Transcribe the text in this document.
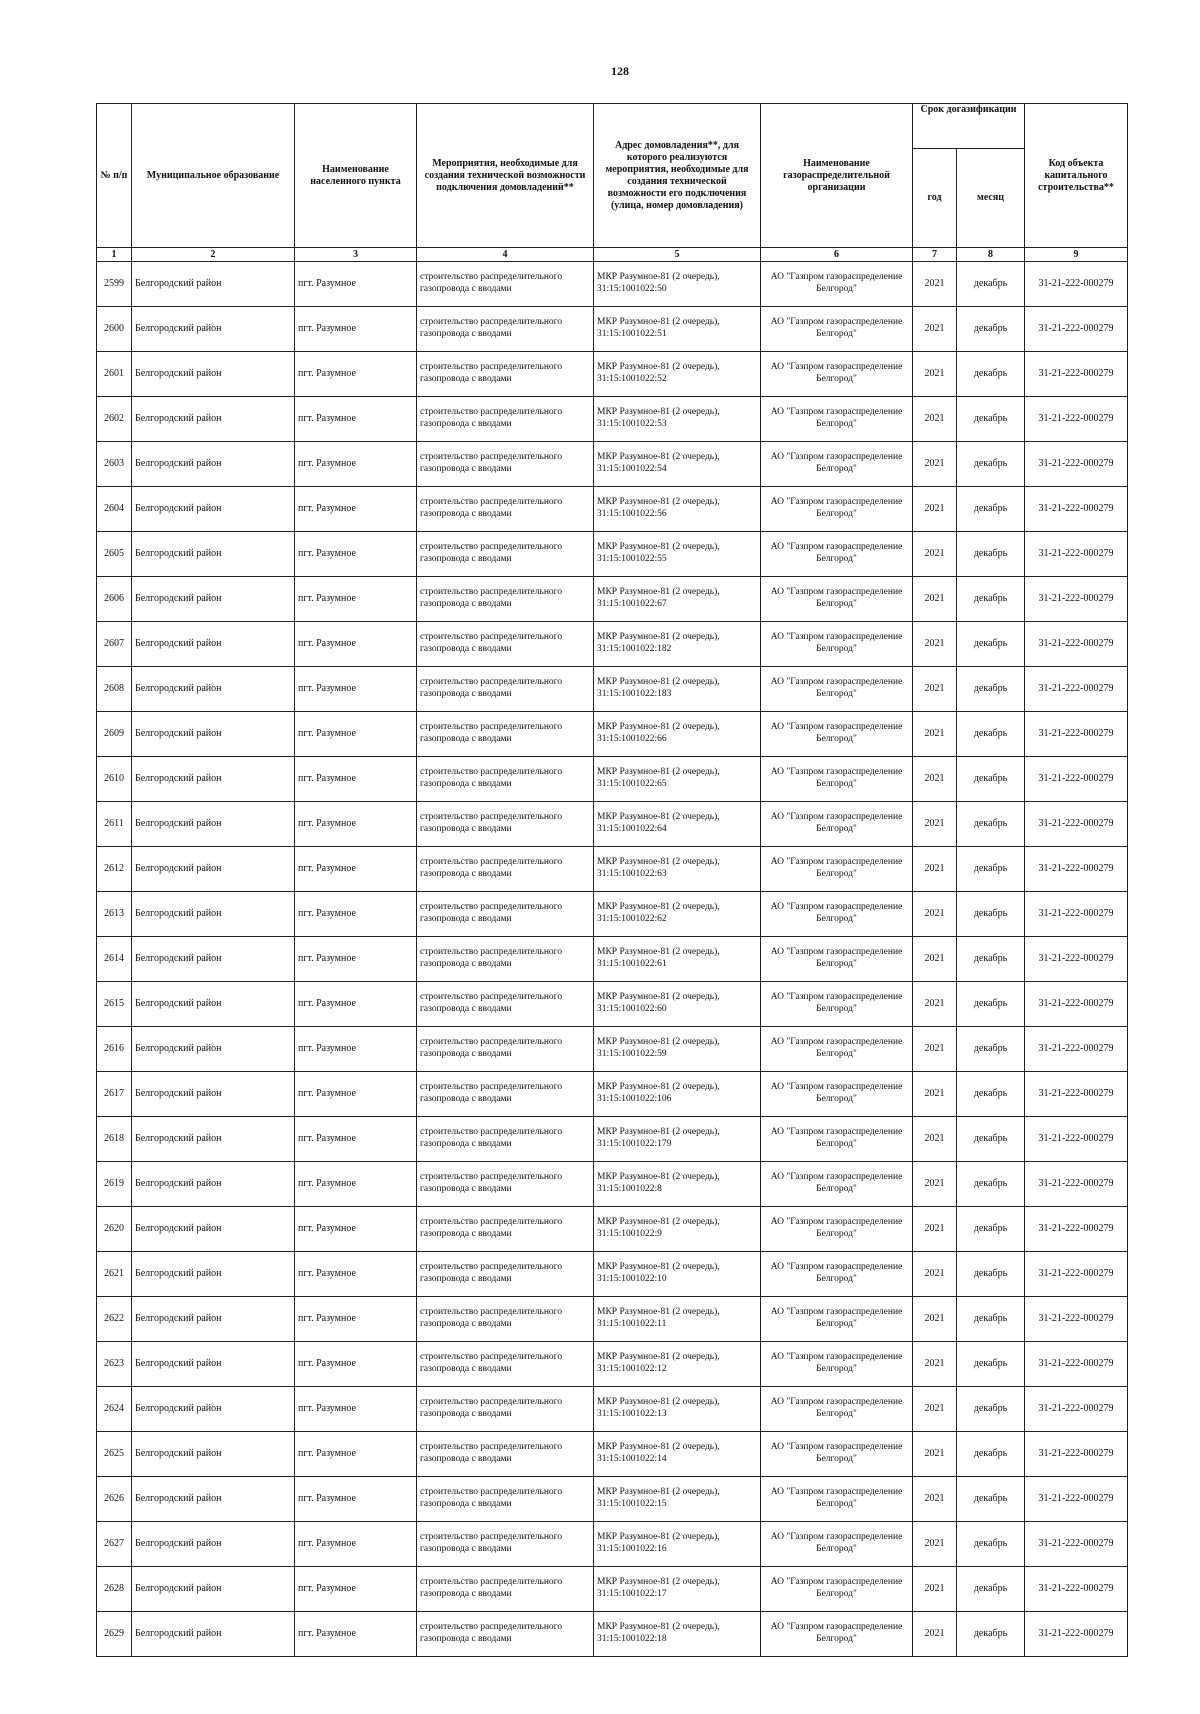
128
№ п/п	Муниципальное образование	Наименование населенного пункта	Мероприятия, необходимые для создания технической возможности подключения домовладений**	Адрес домовладения**, для которого реализуются мероприятия, необходимые для создания технической возможности его подключения (улица, номер домовладения)	Наименование газораспределительной организации	Срок догазификации		Код объекта капитального строительства**
						год	месяц	
1	2	3	4	5	6	7	8	9
2599	Белгородский район	пгт. Разумное	строительство распределительного газопровода с вводами	МКР Разумное-81 (2 очередь), 31:15:1001022:50	АО "Газпром газораспределение Белгород"	2021	декабрь	31-21-222-000279
2600	Белгородский район	пгт. Разумное	строительство распределительного газопровода с вводами	МКР Разумное-81 (2 очередь), 31:15:1001022:51	АО "Газпром газораспределение Белгород"	2021	декабрь	31-21-222-000279
2601	Белгородский район	пгт. Разумное	строительство распределительного газопровода с вводами	МКР Разумное-81 (2 очередь), 31:15:1001022:52	АО "Газпром газораспределение Белгород"	2021	декабрь	31-21-222-000279
2602	Белгородский район	пгт. Разумное	строительство распределительного газопровода с вводами	МКР Разумное-81 (2 очередь), 31:15:1001022:53	АО "Газпром газораспределение Белгород"	2021	декабрь	31-21-222-000279
2603	Белгородский район	пгт. Разумное	строительство распределительного газопровода с вводами	МКР Разумное-81 (2 очередь), 31:15:1001022:54	АО "Газпром газораспределение Белгород"	2021	декабрь	31-21-222-000279
2604	Белгородский район	пгт. Разумное	строительство распределительного газопровода с вводами	МКР Разумное-81 (2 очередь), 31:15:1001022:56	АО "Газпром газораспределение Белгород"	2021	декабрь	31-21-222-000279
2605	Белгородский район	пгт. Разумное	строительство распределительного газопровода с вводами	МКР Разумное-81 (2 очередь), 31:15:1001022:55	АО "Газпром газораспределение Белгород"	2021	декабрь	31-21-222-000279
2606	Белгородский район	пгт. Разумное	строительство распределительного газопровода с вводами	МКР Разумное-81 (2 очередь), 31:15:1001022:67	АО "Газпром газораспределение Белгород"	2021	декабрь	31-21-222-000279
2607	Белгородский район	пгт. Разумное	строительство распределительного газопровода с вводами	МКР Разумное-81 (2 очередь), 31:15:1001022:182	АО "Газпром газораспределение Белгород"	2021	декабрь	31-21-222-000279
2608	Белгородский район	пгт. Разумное	строительство распределительного газопровода с вводами	МКР Разумное-81 (2 очередь), 31:15:1001022:183	АО "Газпром газораспределение Белгород"	2021	декабрь	31-21-222-000279
2609	Белгородский район	пгт. Разумное	строительство распределительного газопровода с вводами	МКР Разумное-81 (2 очередь), 31:15:1001022:66	АО "Газпром газораспределение Белгород"	2021	декабрь	31-21-222-000279
2610	Белгородский район	пгт. Разумное	строительство распределительного газопровода с вводами	МКР Разумное-81 (2 очередь), 31:15:1001022:65	АО "Газпром газораспределение Белгород"	2021	декабрь	31-21-222-000279
2611	Белгородский район	пгт. Разумное	строительство распределительного газопровода с вводами	МКР Разумное-81 (2 очередь), 31:15:1001022:64	АО "Газпром газораспределение Белгород"	2021	декабрь	31-21-222-000279
2612	Белгородский район	пгт. Разумное	строительство распределительного газопровода с вводами	МКР Разумное-81 (2 очередь), 31:15:1001022:63	АО "Газпром газораспределение Белгород"	2021	декабрь	31-21-222-000279
2613	Белгородский район	пгт. Разумное	строительство распределительного газопровода с вводами	МКР Разумное-81 (2 очередь), 31:15:1001022:62	АО "Газпром газораспределение Белгород"	2021	декабрь	31-21-222-000279
2614	Белгородский район	пгт. Разумное	строительство распределительного газопровода с вводами	МКР Разумное-81 (2 очередь), 31:15:1001022:61	АО "Газпром газораспределение Белгород"	2021	декабрь	31-21-222-000279
2615	Белгородский район	пгт. Разумное	строительство распределительного газопровода с вводами	МКР Разумное-81 (2 очередь), 31:15:1001022:60	АО "Газпром газораспределение Белгород"	2021	декабрь	31-21-222-000279
2616	Белгородский район	пгт. Разумное	строительство распределительного газопровода с вводами	МКР Разумное-81 (2 очередь), 31:15:1001022:59	АО "Газпром газораспределение Белгород"	2021	декабрь	31-21-222-000279
2617	Белгородский район	пгт. Разумное	строительство распределительного газопровода с вводами	МКР Разумное-81 (2 очередь), 31:15:1001022:106	АО "Газпром газораспределение Белгород"	2021	декабрь	31-21-222-000279
2618	Белгородский район	пгт. Разумное	строительство распределительного газопровода с вводами	МКР Разумное-81 (2 очередь), 31:15:1001022:179	АО "Газпром газораспределение Белгород"	2021	декабрь	31-21-222-000279
2619	Белгородский район	пгт. Разумное	строительство распределительного газопровода с вводами	МКР Разумное-81 (2 очередь), 31:15:1001022:8	АО "Газпром газораспределение Белгород"	2021	декабрь	31-21-222-000279
2620	Белгородский район	пгт. Разумное	строительство распределительного газопровода с вводами	МКР Разумное-81 (2 очередь), 31:15:1001022:9	АО "Газпром газораспределение Белгород"	2021	декабрь	31-21-222-000279
2621	Белгородский район	пгт. Разумное	строительство распределительного газопровода с вводами	МКР Разумное-81 (2 очередь), 31:15:1001022:10	АО "Газпром газораспределение Белгород"	2021	декабрь	31-21-222-000279
2622	Белгородский район	пгт. Разумное	строительство распределительного газопровода с вводами	МКР Разумное-81 (2 очередь), 31:15:1001022:11	АО "Газпром газораспределение Белгород"	2021	декабрь	31-21-222-000279
2623	Белгородский район	пгт. Разумное	строительство распределительного газопровода с вводами	МКР Разумное-81 (2 очередь), 31:15:1001022:12	АО "Газпром газораспределение Белгород"	2021	декабрь	31-21-222-000279
2624	Белгородский район	пгт. Разумное	строительство распределительного газопровода с вводами	МКР Разумное-81 (2 очередь), 31:15:1001022:13	АО "Газпром газораспределение Белгород"	2021	декабрь	31-21-222-000279
2625	Белгородский район	пгт. Разумное	строительство распределительного газопровода с вводами	МКР Разумное-81 (2 очередь), 31:15:1001022:14	АО "Газпром газораспределение Белгород"	2021	декабрь	31-21-222-000279
2626	Белгородский район	пгт. Разумное	строительство распределительного газопровода с вводами	МКР Разумное-81 (2 очередь), 31:15:1001022:15	АО "Газпром газораспределение Белгород"	2021	декабрь	31-21-222-000279
2627	Белгородский район	пгт. Разумное	строительство распределительного газопровода с вводами	МКР Разумное-81 (2 очередь), 31:15:1001022:16	АО "Газпром газораспределение Белгород"	2021	декабрь	31-21-222-000279
2628	Белгородский район	пгт. Разумное	строительство распределительного газопровода с вводами	МКР Разумное-81 (2 очередь), 31:15:1001022:17	АО "Газпром газораспределение Белгород"	2021	декабрь	31-21-222-000279
2629	Белгородский район	пгт. Разумное	строительство распределительного газопровода с вводами	МКР Разумное-81 (2 очередь), 31:15:1001022:18	АО "Газпром газораспределение Белгород"	2021	декабрь	31-21-222-000279
